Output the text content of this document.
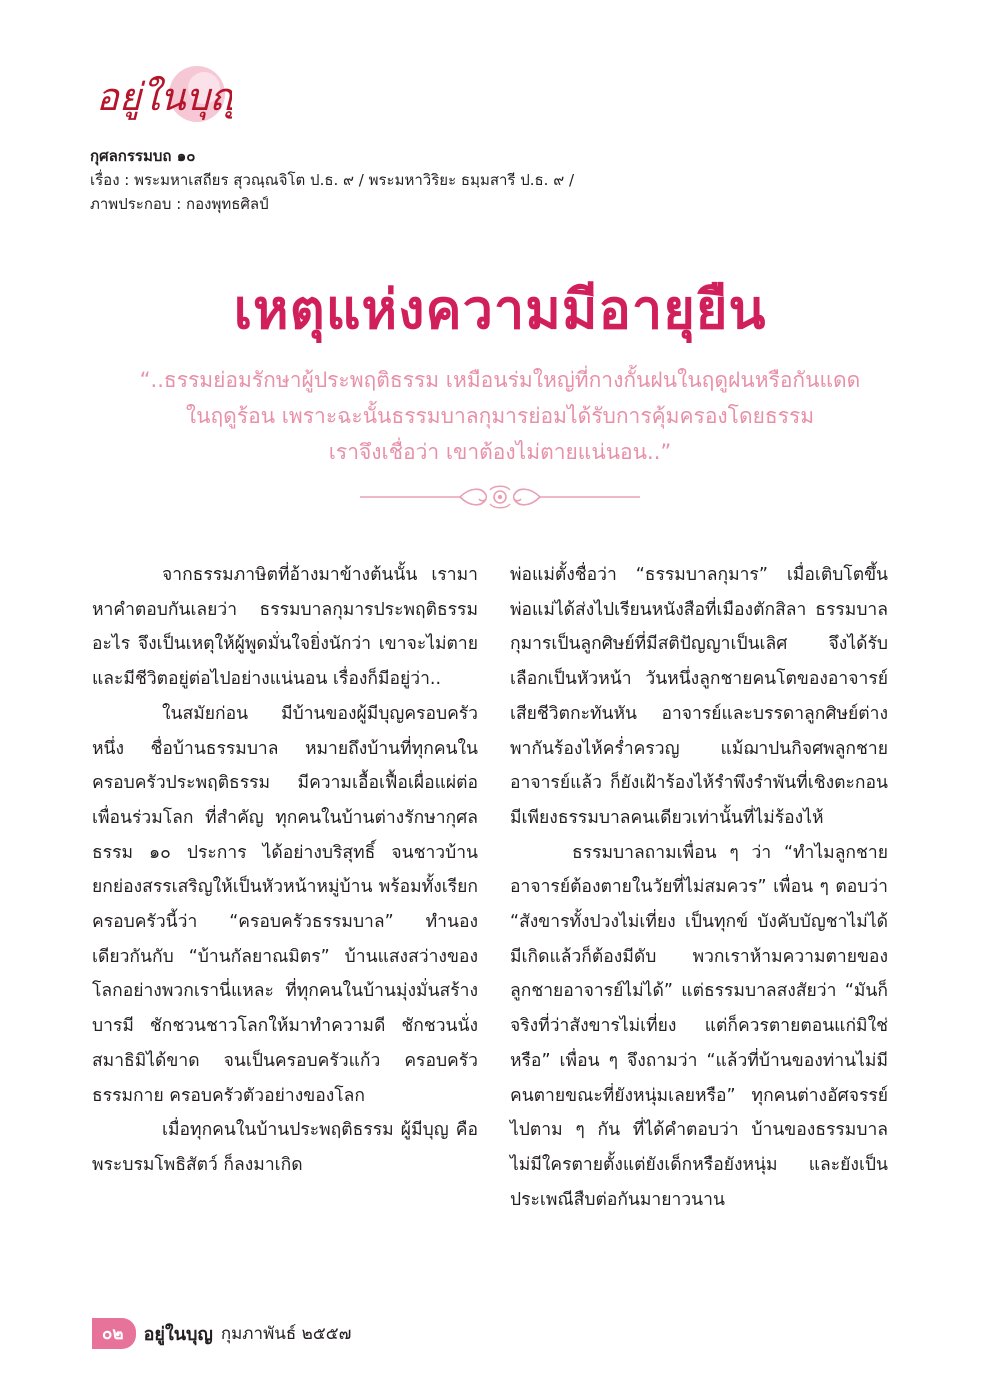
อยู่ในบุญ
กุศลกรรมบถ ๑๐
เรื่อง : พระมหาเสถียร สุวณฺณจิโต ป.ธ. ๙ / พระมหาวิริยะ ธมฺมสารี ป.ธ. ๙ /
ภาพประกอบ : กองพุทธศิลป์
เหตุแห่งความมีอายุยืน
“..ธรรมย่อมรักษาผู้ประพฤติธรรม เหมือนร่มใหญ่ที่กางกั้นฝนในฤดูฝนหรือกันแดด
ในฤดูร้อน เพราะฉะนั้นธรรมบาลกุมารย่อมได้รับการคุ้มครองโดยธรรม
เราจึงเชื่อว่า เขาต้องไม่ตายแน่นอน..”

จากธรรมภาษิตที่อ้างมาข้างต้นนั้น เรามาหาคำตอบกันเลยว่า ธรรมบาลกุมารประพฤติธรรมอะไร จึงเป็นเหตุให้ผู้พูดมั่นใจยิ่งนักว่า เขาจะไม่ตายและมีชีวิตอยู่ต่อไปอย่างแน่นอน เรื่องก็มีอยู่ว่า..

ในสมัยก่อน มีบ้านของผู้มีบุญครอบครัวหนึ่ง ชื่อบ้านธรรมบาล หมายถึงบ้านที่ทุกคนในครอบครัวประพฤติธรรม มีความเอื้อเฟื้อเผื่อแผ่ต่อเพื่อนร่วมโลก ที่สำคัญ ทุกคนในบ้านต่างรักษากุศลธรรม ๑๐ ประการ ได้อย่างบริสุทธิ์ จนชาวบ้านยกย่องสรรเสริญให้เป็นหัวหน้าหมู่บ้าน พร้อมทั้งเรียกครอบครัวนี้ว่า “ครอบครัวธรรมบาล” ทำนองเดียวกันกับ “บ้านกัลยาณมิตร” บ้านแสงสว่างของโลกอย่างพวกเรานี่แหละ ที่ทุกคนในบ้านมุ่งมั่นสร้างบารมี ชักชวนชาวโลกให้มาทำความดี ชักชวนนั่งสมาธิมิได้ขาด จนเป็นครอบครัวแก้ว ครอบครัวธรรมกาย ครอบครัวตัวอย่างของโลก

เมื่อทุกคนในบ้านประพฤติธรรม ผู้มีบุญ คือ พระบรมโพธิสัตว์ ก็ลงมาเกิด

พ่อแม่ตั้งชื่อว่า “ธรรมบาลกุมาร” เมื่อเติบโตขึ้น พ่อแม่ได้ส่งไปเรียนหนังสือที่เมืองตักสิลา ธรรมบาลกุมารเป็นลูกศิษย์ที่มีสติปัญญาเป็นเลิศ จึงได้รับเลือกเป็นหัวหน้า วันหนึ่งลูกชายคนโตของอาจารย์เสียชีวิตกะทันหัน อาจารย์และบรรดาลูกศิษย์ต่างพากันร้องไห้คร่ำครวญ แม้ฌาปนกิจศพลูกชายอาจารย์แล้ว ก็ยังเฝ้าร้องไห้รำพึงรำพันที่เชิงตะกอน มีเพียงธรรมบาลคนเดียวเท่านั้นที่ไม่ร้องไห้

ธรรมบาลถามเพื่อน ๆ ว่า “ทำไมลูกชายอาจารย์ต้องตายในวัยที่ไม่สมควร” เพื่อน ๆ ตอบว่า “สังขารทั้งปวงไม่เที่ยง เป็นทุกข์ บังคับบัญชาไม่ได้ มีเกิดแล้วก็ต้องมีดับ พวกเราห้ามความตายของลูกชายอาจารย์ไม่ได้” แต่ธรรมบาลสงสัยว่า “มันก็จริงที่ว่าสังขารไม่เที่ยง แต่ก็ควรตายตอนแก่มิใช่หรือ” เพื่อน ๆ จึงถามว่า “แล้วที่บ้านของท่านไม่มีคนตายขณะที่ยังหนุ่มเลยหรือ” ทุกคนต่างอัศจรรย์ไปตาม ๆ กัน ที่ได้คำตอบว่า บ้านของธรรมบาลไม่มีใครตายตั้งแต่ยังเด็กหรือยังหนุ่ม และยังเป็นประเพณีสืบต่อกันมายาวนาน

๐๒	อยู่ในบุญ กุมภาพันธ์ ๒๕๕๗
